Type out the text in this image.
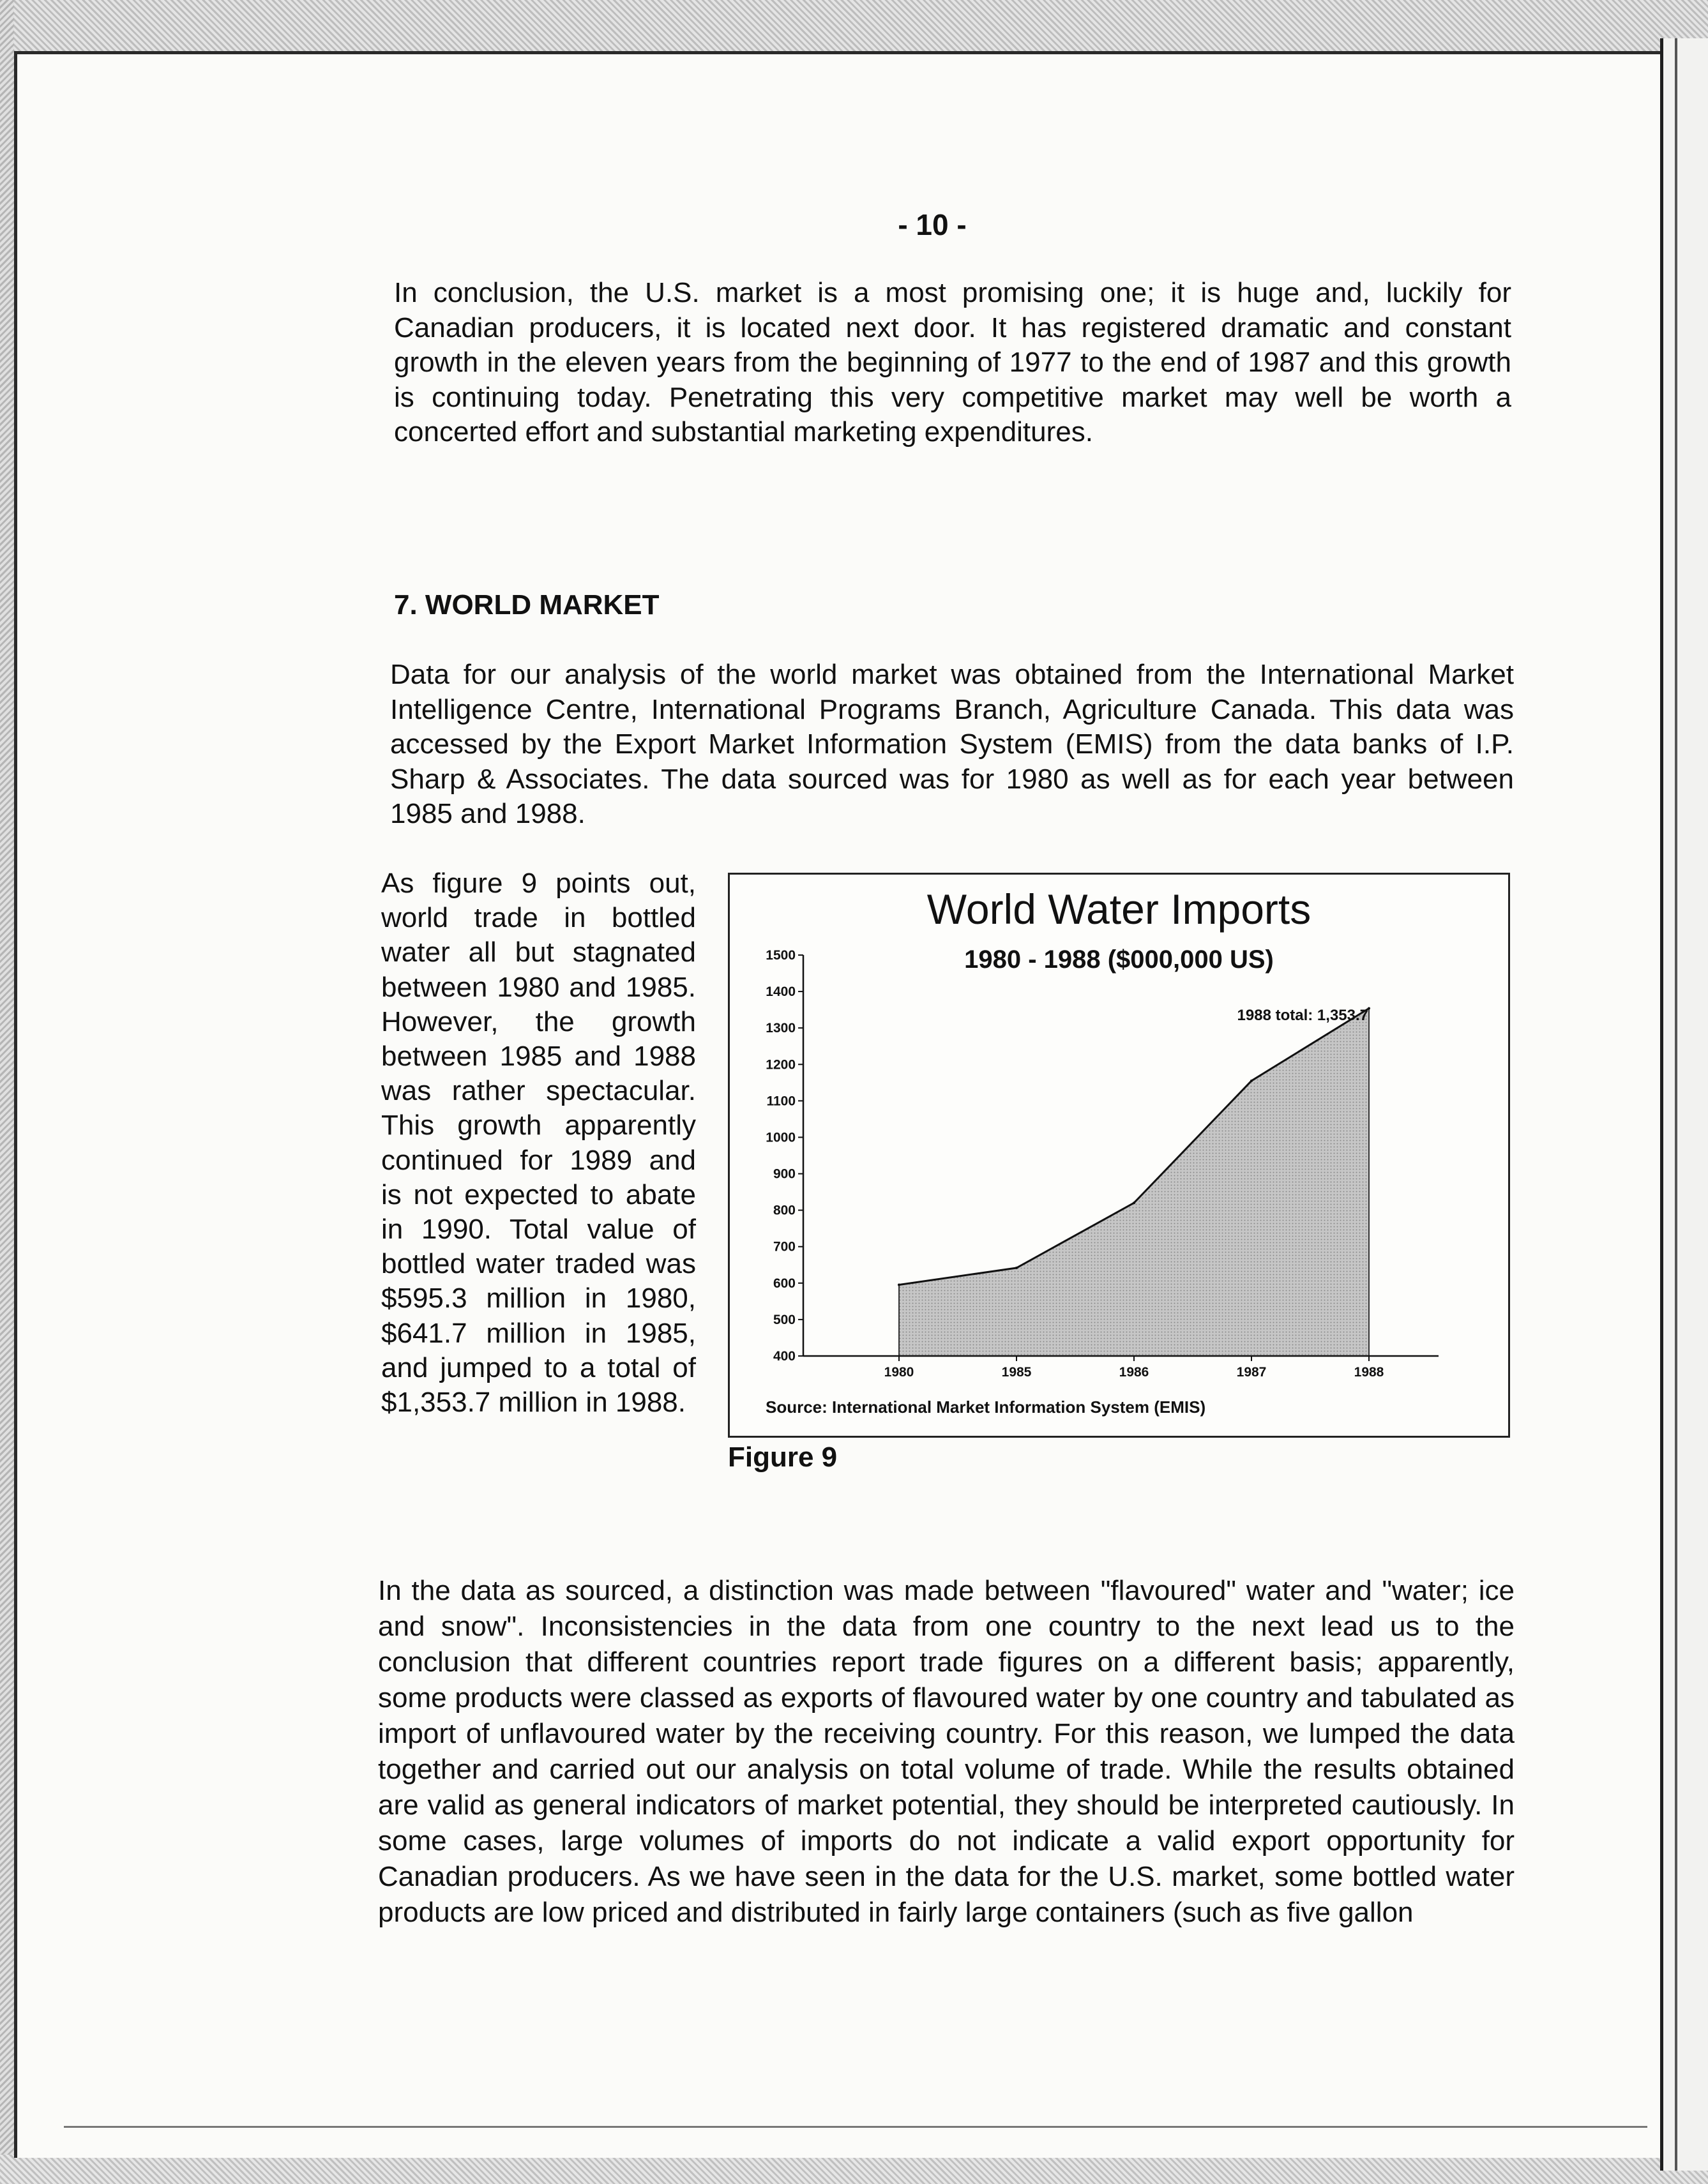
- 10 -

In conclusion, the U.S. market is a most promising one; it is huge and, luckily for Canadian producers, it is located next door. It has registered dramatic and constant growth in the eleven years from the beginning of 1977 to the end of 1987 and this growth is continuing today. Penetrating this very competitive market may well be worth a concerted effort and substantial marketing expenditures.

7. WORLD MARKET

Data for our analysis of the world market was obtained from the International Market Intelligence Centre, International Programs Branch, Agriculture Canada. This data was accessed by the Export Market Information System (EMIS) from the data banks of I.P. Sharp & Associates. The data sourced was for 1980 as well as for each year between 1985 and 1988.

As figure 9 points out, world trade in bottled water all but stagnated between 1980 and 1985. However, the growth between 1985 and 1988 was rather spectacular. This growth apparently continued for 1989 and is not expected to abate in 1990. Total value of bottled water traded was $595.3 million in 1980, $641.7 million in 1985, and jumped to a total of $1,353.7 million in 1988.

World Water Imports
1980 - 1988 ($000,000 US)
400
500
600
700
800
900
1000
1100
1200
1300
1400
1500
1980	1985	1986	1987	1988
1988 total: 1,353.7
Source: International Market Information System (EMIS)
Figure 9

In the data as sourced, a distinction was made between "flavoured" water and "water; ice and snow". Inconsistencies in the data from one country to the next lead us to the conclusion that different countries report trade figures on a different basis; apparently, some products were classed as exports of flavoured water by one country and tabulated as import of unflavoured water by the receiving country. For this reason, we lumped the data together and carried out our analysis on total volume of trade. While the results obtained are valid as general indicators of market potential, they should be interpreted cautiously. In some cases, large volumes of imports do not indicate a valid export opportunity for Canadian producers. As we have seen in the data for the U.S. market, some bottled water products are low priced and distributed in fairly large containers (such as five gallon
